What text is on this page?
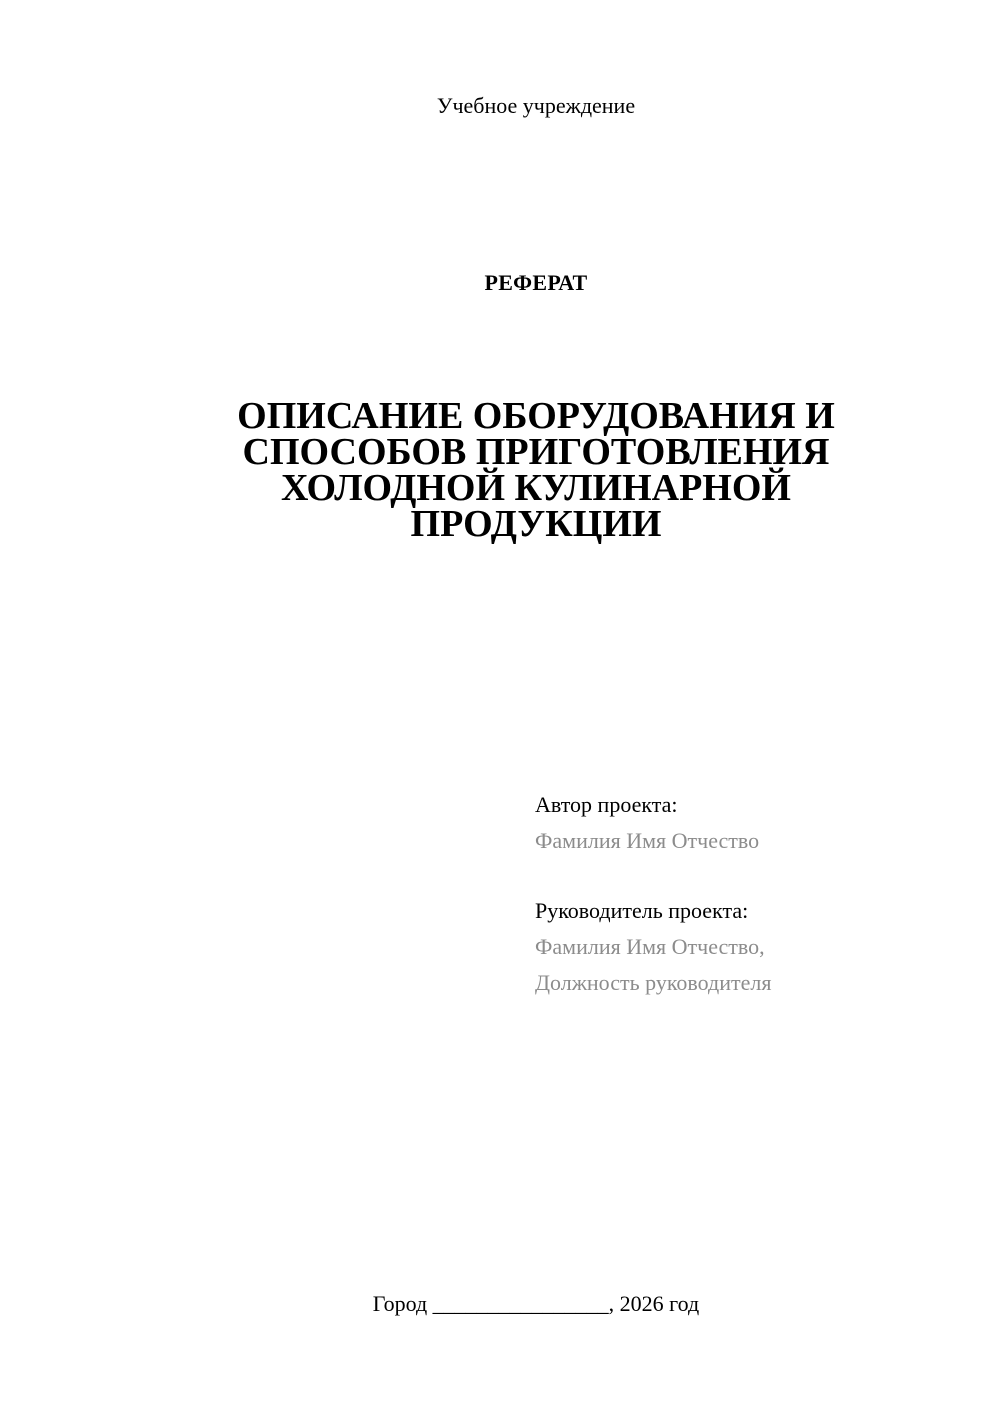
Учебное учреждение
РЕФЕРАТ
ОПИСАНИЕ ОБОРУДОВАНИЯ И
СПОСОБОВ ПРИГОТОВЛЕНИЯ
ХОЛОДНОЙ КУЛИНАРНОЙ
ПРОДУКЦИИ
Автор проекта:
Фамилия Имя Отчество
Руководитель проекта:
Фамилия Имя Отчество,
Должность руководителя
Город ________________, 2026 год
